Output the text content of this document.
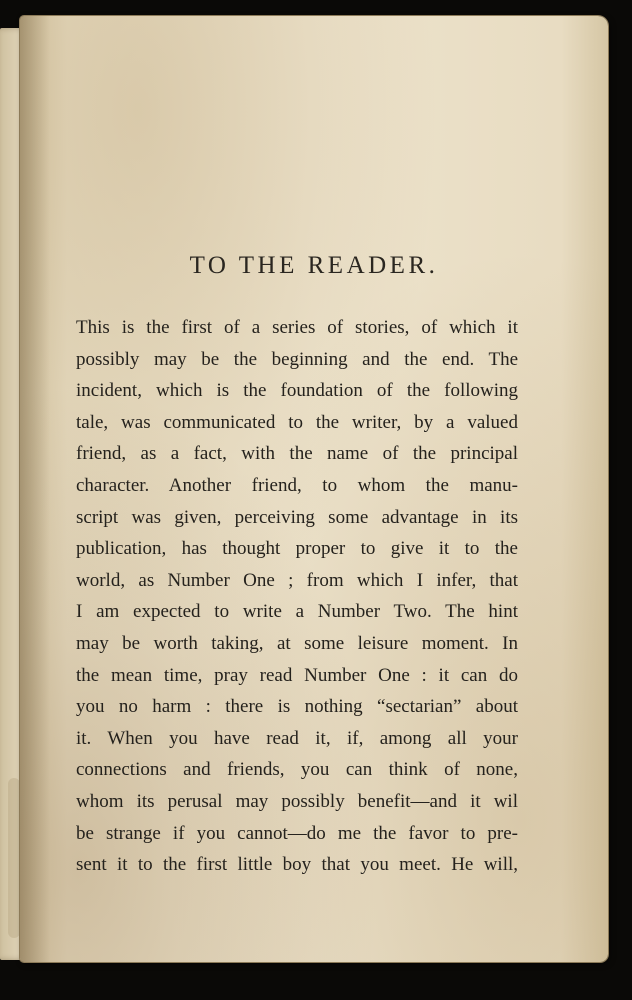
TO THE READER.
This is the first of a series of stories, of which it
possibly may be the beginning and the end. The
incident, which is the foundation of the following
tale, was communicated to the writer, by a valued
friend, as a fact, with the name of the principal
character. Another friend, to whom the manu-
script was given, perceiving some advantage in its
publication, has thought proper to give it to the
world, as Number One ; from which I infer, that
I am expected to write a Number Two. The hint
may be worth taking, at some leisure moment. In
the mean time, pray read Number One : it can do
you no harm : there is nothing “sectarian” about
it. When you have read it, if, among all your
connections and friends, you can think of none,
whom its perusal may possibly benefit—and it wil
be strange if you cannot—do me the favor to pre-
sent it to the first little boy that you meet. He will,
